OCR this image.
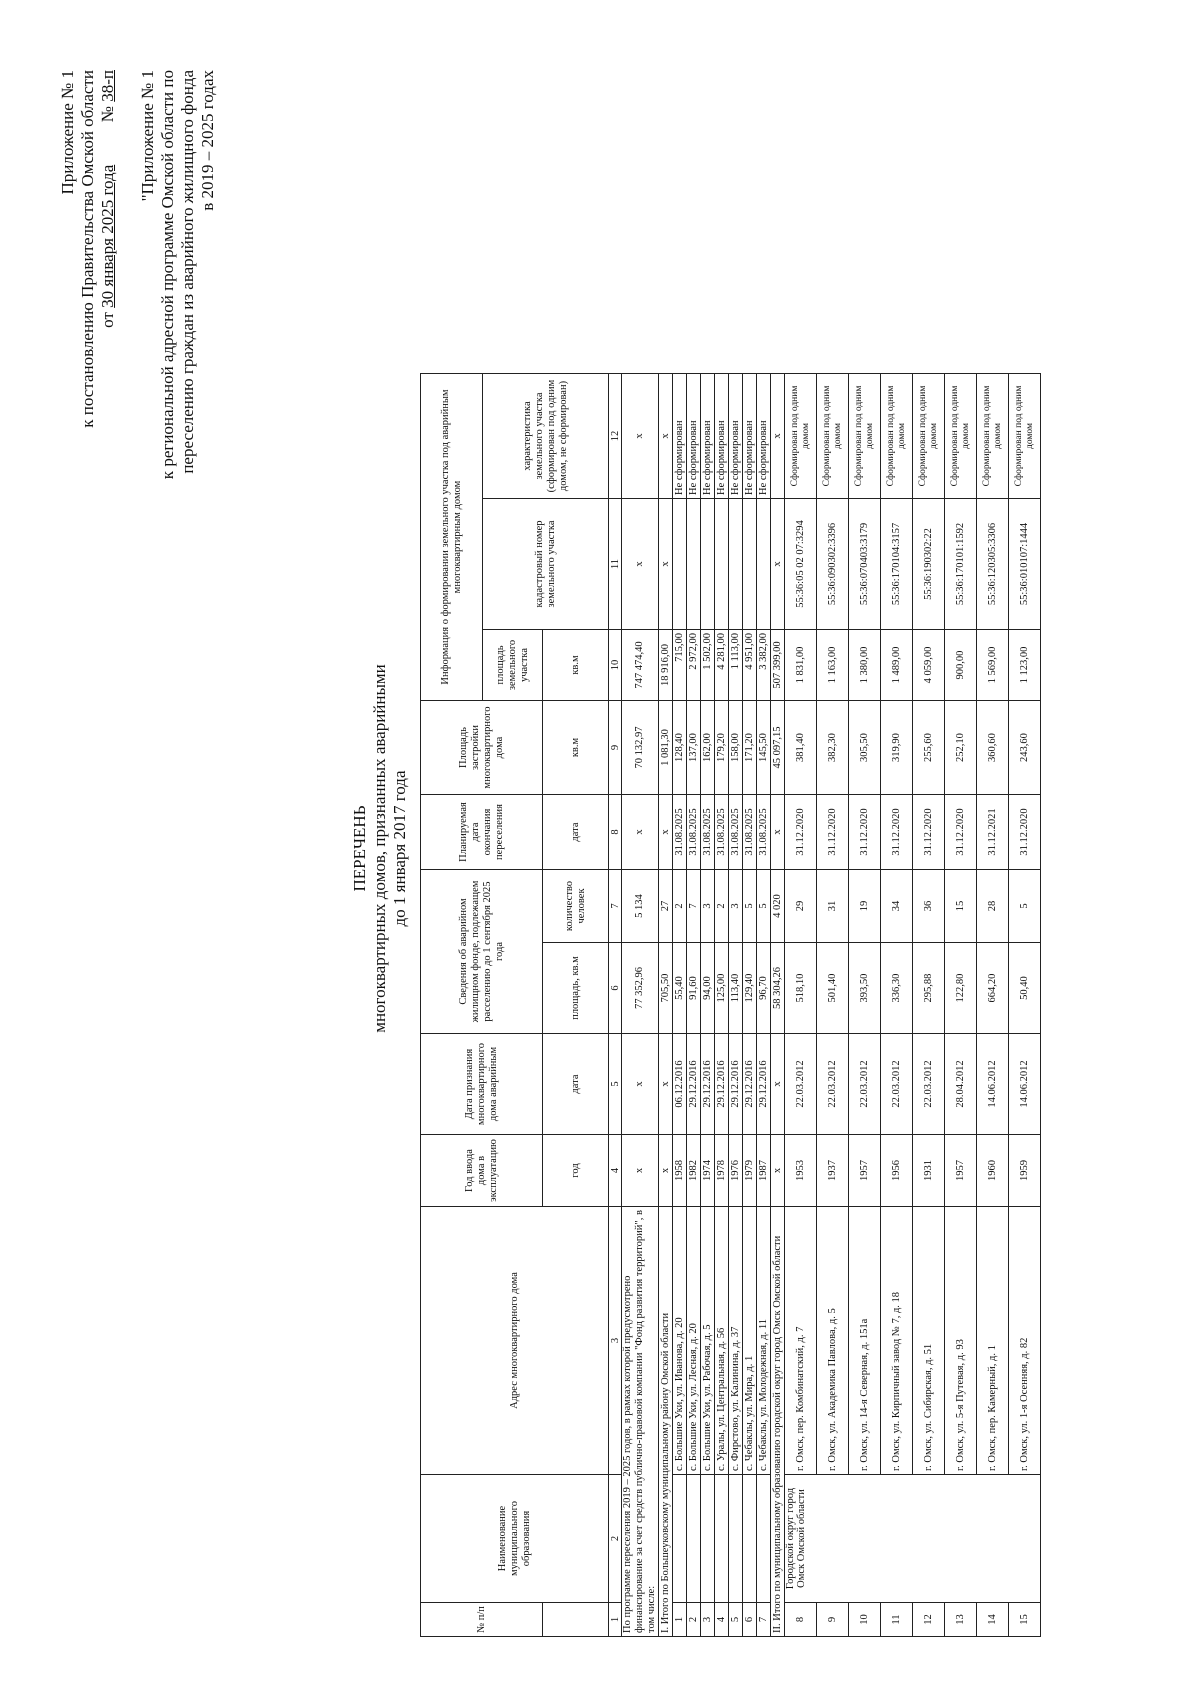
Приложение № 1 к постановлению Правительства Омской области от 30 января 2025 года          № 38-п "Приложение № 1 к региональной адресной программе Омской области по переселению граждан из аварийного жилищного фонда в 2019 – 2025 годах
ПЕРЕЧЕНЬ многоквартирных домов, признанных аварийными до 1 января 2017 года
№ п/п	Наименование муниципального образования	Адрес многоквартирного дома	Год ввода дома в эксплуатацию	Дата признания многоквартирного дома аварийным	Сведения об аварийном жилищном фонде, подлежащем расселению до 1 сентября 2025 года		Планируемая дата окончания переселения	Площадь застройки многоквартирного дома	Информация о формировании земельного участка под аварийным многоквартирным домом		
									площадь земельного участка	кадастровый номер земельного участка	характеристика земельного участка (сформирован под одним домом, не сформирован)
			год	дата	площадь, кв.м	количество человек	дата	кв.м	кв.м		
1	2	3	4	5	6	7	8	9	10	11	12
По программе переселения 2019 – 2025 годов, в рамках которой предусмотрено финансирование за счет средств публично-правовой компании "Фонд развития территорий", в том числе:			х	х	77 352,96	5 134	х	70 132,97	747 474,40	х	х
I. Итого по Большеуковскому муниципальному району Омской области			х	х	705,50	27	х	1 081,30	18 916,00	х	х
1		с. Большие Уки, ул. Иванова, д. 20	1958	06.12.2016	55,40	2	31.08.2025	128,40	715,00		Не сформирован
2		с. Большие Уки, ул. Лесная, д. 20	1982	29.12.2016	91,60	7	31.08.2025	137,00	2 972,00		Не сформирован
3		с. Большие Уки, ул. Рабочая, д. 5	1974	29.12.2016	94,00	3	31.08.2025	162,00	1 502,00		Не сформирован
4		с. Уралы, ул. Центральная, д. 56	1978	29.12.2016	125,00	2	31.08.2025	179,20	4 281,00		Не сформирован
5		с. Фирстово, ул. Калинина, д. 37	1976	29.12.2016	113,40	3	31.08.2025	158,00	1 113,00		Не сформирован
6		с. Чебаклы, ул. Мира, д. 1	1979	29.12.2016	129,40	5	31.08.2025	171,20	4 951,00		Не сформирован
7		с. Чебаклы, ул. Молодежная, д. 11	1987	29.12.2016	96,70	5	31.08.2025	145,50	3 382,00		Не сформирован
II. Итого по муниципальному образованию городской округ город Омск Омской области			х	х	58 304,26	4 020	х	45 097,15	507 399,00	х	х
8	Городской округ город Омск Омской области	г. Омск, пер. Комбинатский, д. 7	1953	22.03.2012	518,10	29	31.12.2020	381,40	1 831,00	55:36:05 02 07:3294	Сформирован под одним домом
9		г. Омск, ул. Академика Павлова, д. 5	1937	22.03.2012	501,40	31	31.12.2020	382,30	1 163,00	55:36:090302:3396	Сформирован под одним домом
10		г. Омск, ул. 14-я Северная, д. 151а	1957	22.03.2012	393,50	19	31.12.2020	305,50	1 380,00	55:36:070403:3179	Сформирован под одним домом
11		г. Омск, ул. Кирпичный завод № 7, д. 18	1956	22.03.2012	336,30	34	31.12.2020	319,90	1 489,00	55:36:170104:3157	Сформирован под одним домом
12		г. Омск, ул. Сибирская, д. 51	1931	22.03.2012	295,88	36	31.12.2020	255,60	4 059,00	55:36:190302:22	Сформирован под одним домом
13		г. Омск, ул. 5-я Путевая, д. 93	1957	28.04.2012	122,80	15	31.12.2020	252,10	900,00	55:36:170101:1592	Сформирован под одним домом
14		г. Омск, пер. Камерный, д. 1	1960	14.06.2012	664,20	28	31.12.2021	360,60	1 569,00	55:36:120305:3306	Сформирован под одним домом
15		г. Омск, ул. 1-я Осенняя, д. 82	1959	14.06.2012	50,40	5	31.12.2020	243,60	1 123,00	55:36:010107:1444	Сформирован под одним домом
